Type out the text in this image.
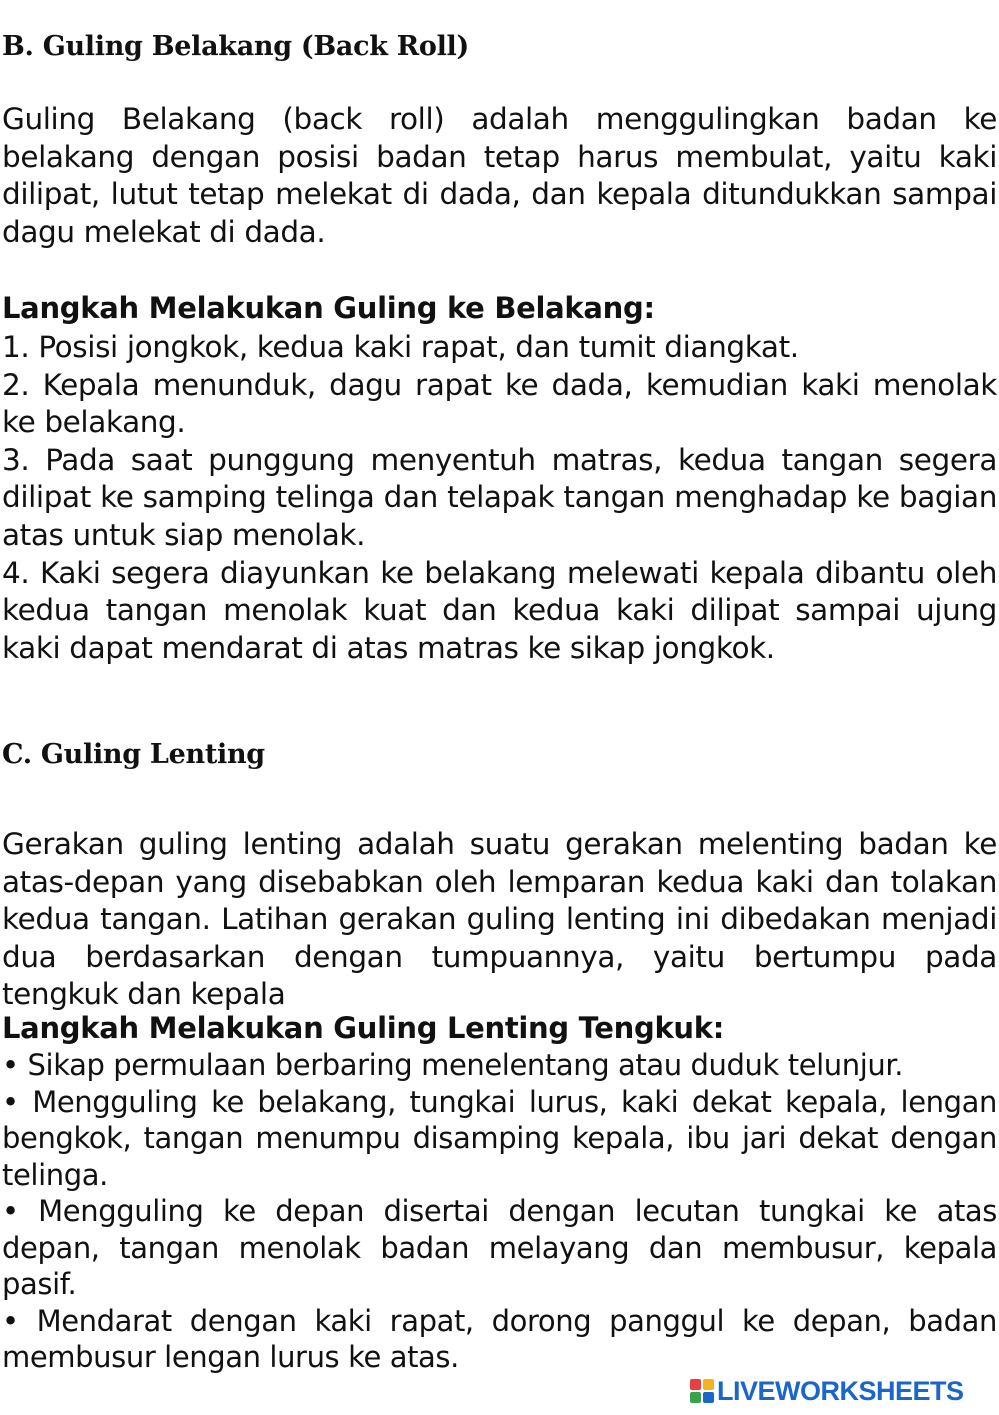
B. Guling Belakang (Back Roll)

Guling Belakang (back roll) adalah menggulingkan badan ke belakang dengan posisi badan tetap harus membulat, yaitu kaki dilipat, lutut tetap melekat di dada, dan kepala ditundukkan sampai dagu melekat di dada.

Langkah Melakukan Guling ke Belakang:

1. Posisi jongkok, kedua kaki rapat, dan tumit diangkat.

2. Kepala menunduk, dagu rapat ke dada, kemudian kaki menolak ke belakang.

3. Pada saat punggung menyentuh matras, kedua tangan segera dilipat ke samping telinga dan telapak tangan menghadap ke bagian atas untuk siap menolak.

4. Kaki segera diayunkan ke belakang melewati kepala dibantu oleh kedua tangan menolak kuat dan kedua kaki dilipat sampai ujung kaki dapat mendarat di atas matras ke sikap jongkok.

C. Guling Lenting

Gerakan guling lenting adalah suatu gerakan melenting badan ke atas-depan yang disebabkan oleh lemparan kedua kaki dan tolakan kedua tangan. Latihan gerakan guling lenting ini dibedakan menjadi dua berdasarkan dengan tumpuannya, yaitu bertumpu pada tengkuk dan kepala

Langkah Melakukan Guling Lenting Tengkuk:

• Sikap permulaan berbaring menelentang atau duduk telunjur.

• Mengguling ke belakang, tungkai lurus, kaki dekat kepala, lengan bengkok, tangan menumpu disamping kepala, ibu jari dekat dengan telinga.

• Mengguling ke depan disertai dengan lecutan tungkai ke atas depan, tangan menolak badan melayang dan membusur, kepala pasif.

• Mendarat dengan kaki rapat, dorong panggul ke depan, badan membusur lengan lurus ke atas.

LIVEWORKSHEETS
